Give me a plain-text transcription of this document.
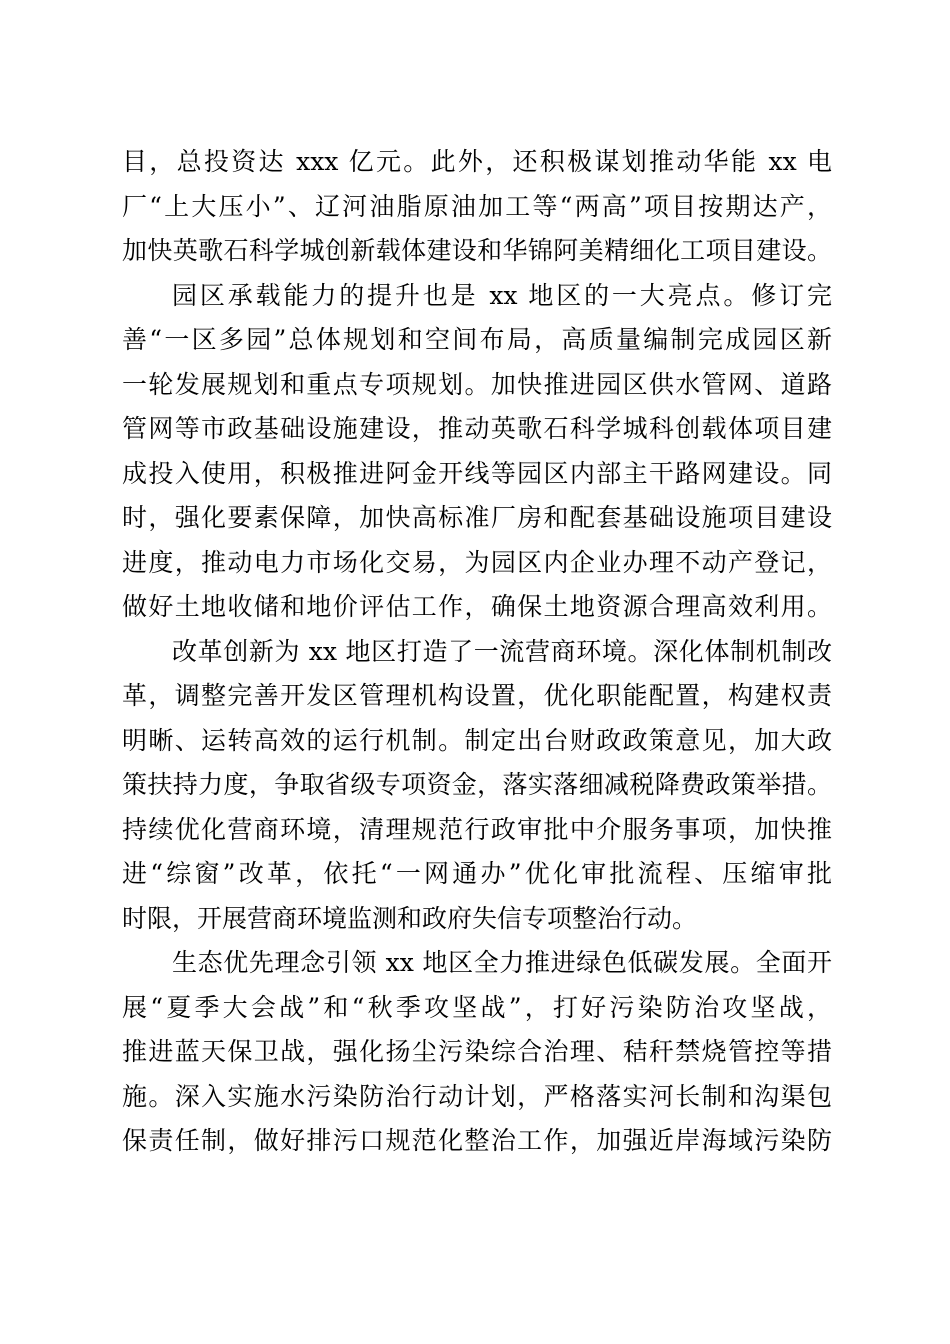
目，总投资达 xxx 亿元。此外，还积极谋划推动华能 xx 电
厂“上大压小”、辽河油脂原油加工等“两高”项目按期达产，
加快英歌石科学城创新载体建设和华锦阿美精细化工项目建设。
园区承载能力的提升也是 xx 地区的一大亮点。修订完
善“一区多园”总体规划和空间布局，高质量编制完成园区新
一轮发展规划和重点专项规划。加快推进园区供水管网、道路
管网等市政基础设施建设，推动英歌石科学城科创载体项目建
成投入使用，积极推进阿金开线等园区内部主干路网建设。同
时，强化要素保障，加快高标准厂房和配套基础设施项目建设
进度，推动电力市场化交易，为园区内企业办理不动产登记，
做好土地收储和地价评估工作，确保土地资源合理高效利用。
改革创新为 xx 地区打造了一流营商环境。深化体制机制改
革，调整完善开发区管理机构设置，优化职能配置，构建权责
明晰、运转高效的运行机制。制定出台财政政策意见，加大政
策扶持力度，争取省级专项资金，落实落细减税降费政策举措。
持续优化营商环境，清理规范行政审批中介服务事项，加快推
进“综窗”改革，依托“一网通办”优化审批流程、压缩审批
时限，开展营商环境监测和政府失信专项整治行动。
生态优先理念引领 xx 地区全力推进绿色低碳发展。全面开
展“夏季大会战”和“秋季攻坚战”，打好污染防治攻坚战，
推进蓝天保卫战，强化扬尘污染综合治理、秸秆禁烧管控等措
施。深入实施水污染防治行动计划，严格落实河长制和沟渠包
保责任制，做好排污口规范化整治工作，加强近岸海域污染防
